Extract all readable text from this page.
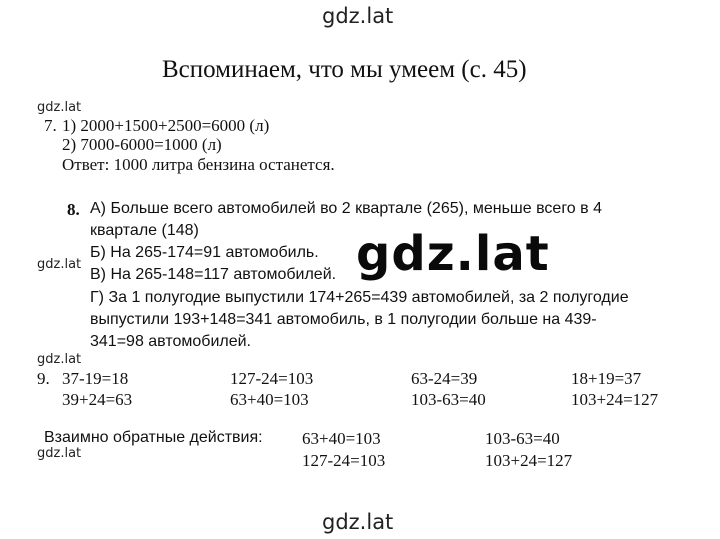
gdz.lat
gdz.lat
gdz.lat	gdz.lat
gdz.lat
gdz.lat
gdz.lat
Вспоминаем, что мы умеем (с. 45)
7. 1) 2000+1500+2500=6000 (л)
2) 7000-6000=1000 (л)
Ответ: 1000 литра бензина останется.
8. А) Больше всего автомобилей во 2 квартале (265), меньше всего в 4
квартале (148)
Б) На 265-174=91 автомобиль.
В) На 265-148=117 автомобилей.
Г) За 1 полугодие выпустили 174+265=439 автомобилей, за 2 полугодие
выпустили 193+148=341 автомобиль, в 1 полугодии больше на 439-
341=98 автомобилей.
9. 37-19=18	127-24=103	63-24=39	18+19=37
39+24=63	63+40=103	103-63=40	103+24=127
Взаимно обратные действия: 63+40=103	103-63=40
127-24=103	103+24=127
